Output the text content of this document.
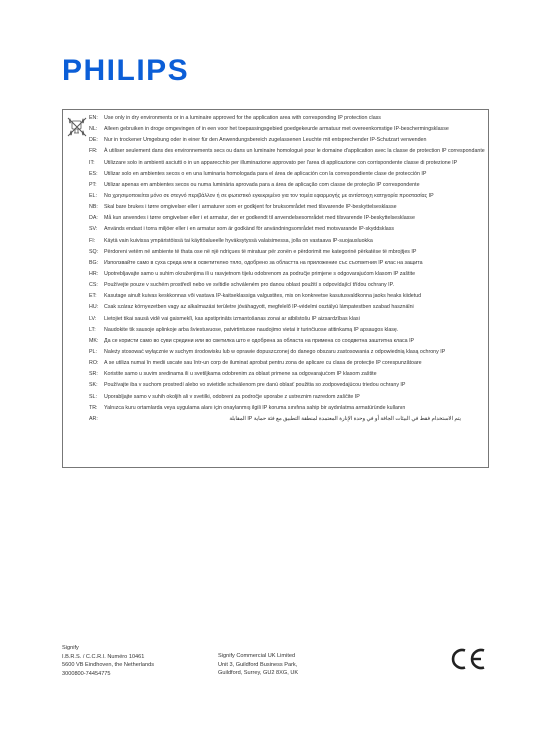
PHILIPS
EN:	Use only in dry environments or in a luminaire approved for the application area with corresponding IP protection class
NL:	Alleen gebruiken in droge omgevingen of in een voor het toepassingsgebied goedgekeurde armatuur met overeenkomstige IP-beschermingsklasse
DE:	Nur in trockener Umgebung oder in einer für den Anwendungsbereich zugelassenen Leuchte mit entsprechender IP-Schutzart verwenden
FR:	À utiliser seulement dans des environnements secs ou dans un luminaire homologué pour le domaine d'application avec la classe de protection IP correspondante
IT:	Utilizzare solo in ambienti asciutti o in un apparecchio per illuminazione approvato per l'area di applicazione con corrispondente classe di protezione IP
ES:	Utilizar solo en ambientes secos o en una luminaria homologada para el área de aplicación con la correspondiente clase de protección IP
PT:	Utilizar apenas em ambientes secos ou numa luminária aprovada para a área de aplicação com classe de proteção IP correspondente
EL:	Να χρησιμοποιείται μόνο σε στεγνό περιβάλλον ή σε φωτιστικό εγκεκριμένο για τον τομέα εφαρμογής με αντίστοιχη κατηγορία προστασίας IP
NB:	Skal bare brukes i tørre omgivelser eller i armaturer som er godkjent for bruksområdet med tilsvarende IP-beskyttelsesklasse
DA:	Må kun anvendes i tørre omgivelser eller i et armatur, der er godkendt til anvendelsesområdet med tilsvarende IP-beskyttelsesklasse
SV:	Används endast i torra miljöer eller i en armatur som är godkänd för användningsområdet med motsvarande IP-skyddsklass
FI:	Käytä vain kuivissa ympäristöissä tai käyttöalueelle hyväksytyssä valaisimessa, jolla on vastaava IP-suojausluokka
SQ:	Përdoreni vetëm në ambiente të thata ose në një ndriçues të miratuar për zonën e përdorimit me kategorinë përkatëse të mbrojtjes IP
BG:	Използвайте само в суха среда или в осветително тяло, одобрено за областта на приложение със съответния IP клас на защита
HR:	Upotrebljavajte samo u suhim okruženjima ili u rasvjetnom tijelu odobrenom za područje primjene s odgovarajućom klasom IP zaštite
CS:	Používejte pouze v suchém prostředí nebo ve svítidle schváleném pro danou oblast použití s odpovídající třídou ochrany IP.
ET:	Kasutage ainult kuivas keskkonnas või vastava IP-kaitseklassiga valgustites, mis on konkreetse kasutusvaldkonna jaoks heaks kiidetud
HU:	Csak száraz környezetben vagy az alkalmazási területre jóváhagyott, megfelelő IP-védelmi osztályú lámpatestben szabad használni
LV:	Lietojiet tikai sausā vidē vai gaismeklī, kas apstiprināts izmantošanas zonai ar atbilstošu IP aizsardzības klasi
LT:	Naudokite tik sausoje aplinkoje arba šviestuvuose, patvirtintuose naudojimo vietai ir turinčiuose atitinkamą IP apsaugos klasę.
MK:	Да се користи само во суви средини или во светилка што е одобрена за областа на примена со соодветна заштитна класа IP
PL:	Należy stosować wyłącznie w suchym środowisku lub w oprawie dopuszczonej do danego obszaru zastosowania z odpowiednią klasą ochrony IP
RO:	A se utiliza numai în medii uscate sau într-un corp de iluminat aprobat pentru zona de aplicare cu clasa de protecție IP corespunzătoare
SR:	Koristite samo u suvim sredinama ili u svetiljkama odobrenim za oblast primene sa odgovarajućom IP klasom zaštite
SK:	Používajte iba v suchom prostredí alebo vo svietidle schválenom pre danú oblasť použitia so zodpovedajúcou triedou ochrany IP
SL:	Uporabljajte samo v suhih okoljih ali v svetilki, odobreni za področje uporabe z ustreznim razredom zaščite IP
TR:	Yalnızca kuru ortamlarda veya uygulama alanı için onaylanmış ilgili IP koruma sınıfına sahip bir aydınlatma armatüründe kullanın
AR:	يتم الاستخدام فقط في البيئات الجافة أو في وحدة الإنارة المعتمدة لمنطقة التطبيق مع فئة حماية IP المقابلة
Signify
I.B.R.S. / C.C.R.I. Numéro 10461
5600 VB Eindhoven, the Netherlands
3000800-74454775
Signify Commercial UK Limited
Unit 3, Guildford Business Park,
Guildford, Surrey, GU2 8XG, UK
